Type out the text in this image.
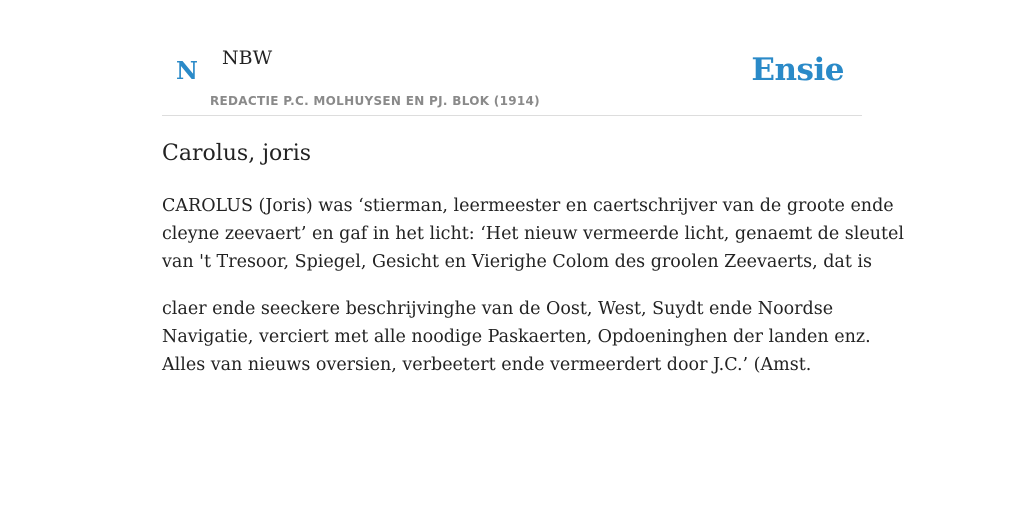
N NBW
REDACTIE P.C. MOLHUYSEN EN PJ. BLOK (1914)
Ensie
Carolus, joris

CAROLUS (Joris) was ‘stierman, leermeester en caertschrijver van de groote ende
cleyne zeevaert’ en gaf in het licht: ‘Het nieuw vermeerde licht, genaemt de sleutel
van 't Tresoor, Spiegel, Gesicht en Vierighe Colom des groolen Zeevaerts, dat is

claer ende seeckere beschrijvinghe van de Oost, West, Suydt ende Noordse
Navigatie, verciert met alle noodige Paskaerten, Opdoeninghen der landen enz.
Alles van nieuws oversien, verbeetert ende vermeerdert door J.C.’ (Amst.
